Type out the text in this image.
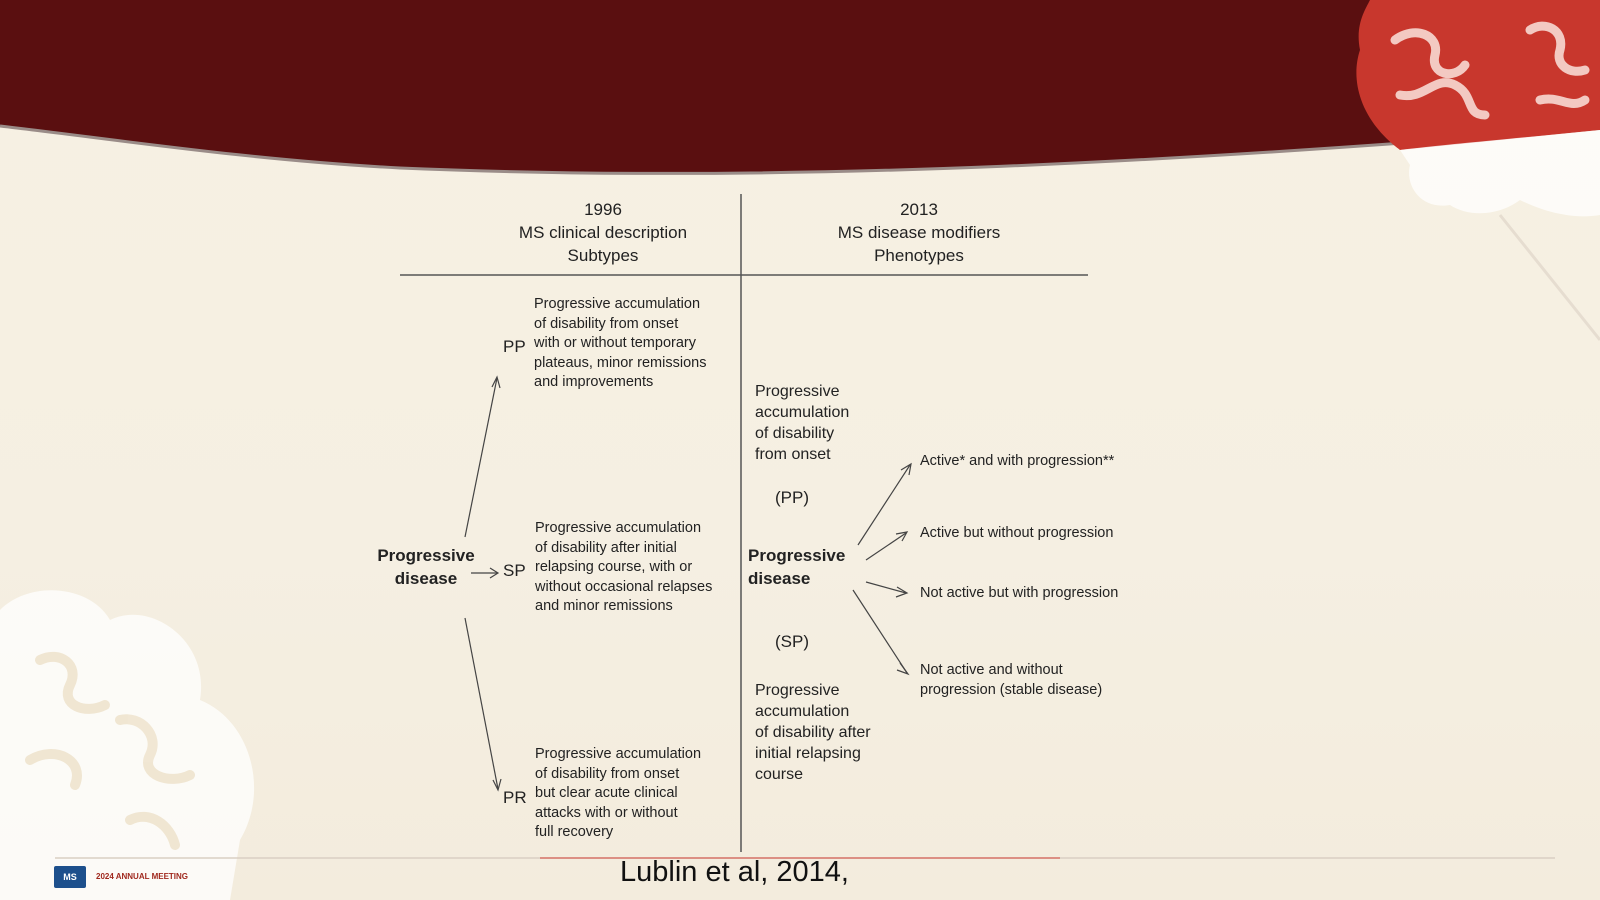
1996
MS clinical description
Subtypes
2013
MS disease modifiers
Phenotypes
Progressive
disease
PP
Progressive accumulation
of disability from onset
with or without temporary
plateaus, minor remissions
and improvements
SP
Progressive accumulation
of disability after initial
relapsing course, with or
without occasional relapses
and minor remissions
PR
Progressive accumulation
of disability from onset
but clear acute clinical
attacks with or without
full recovery
Progressive
accumulation
of disability
from onset
(PP)
Progressive
disease
(SP)
Progressive
accumulation
of disability after
initial relapsing
course
Active* and with progression**
Active but without progression
Not active but with progression
Not active and without
progression (stable disease)
MS	2024 ANNUAL MEETING	Lublin et al, 2014,
